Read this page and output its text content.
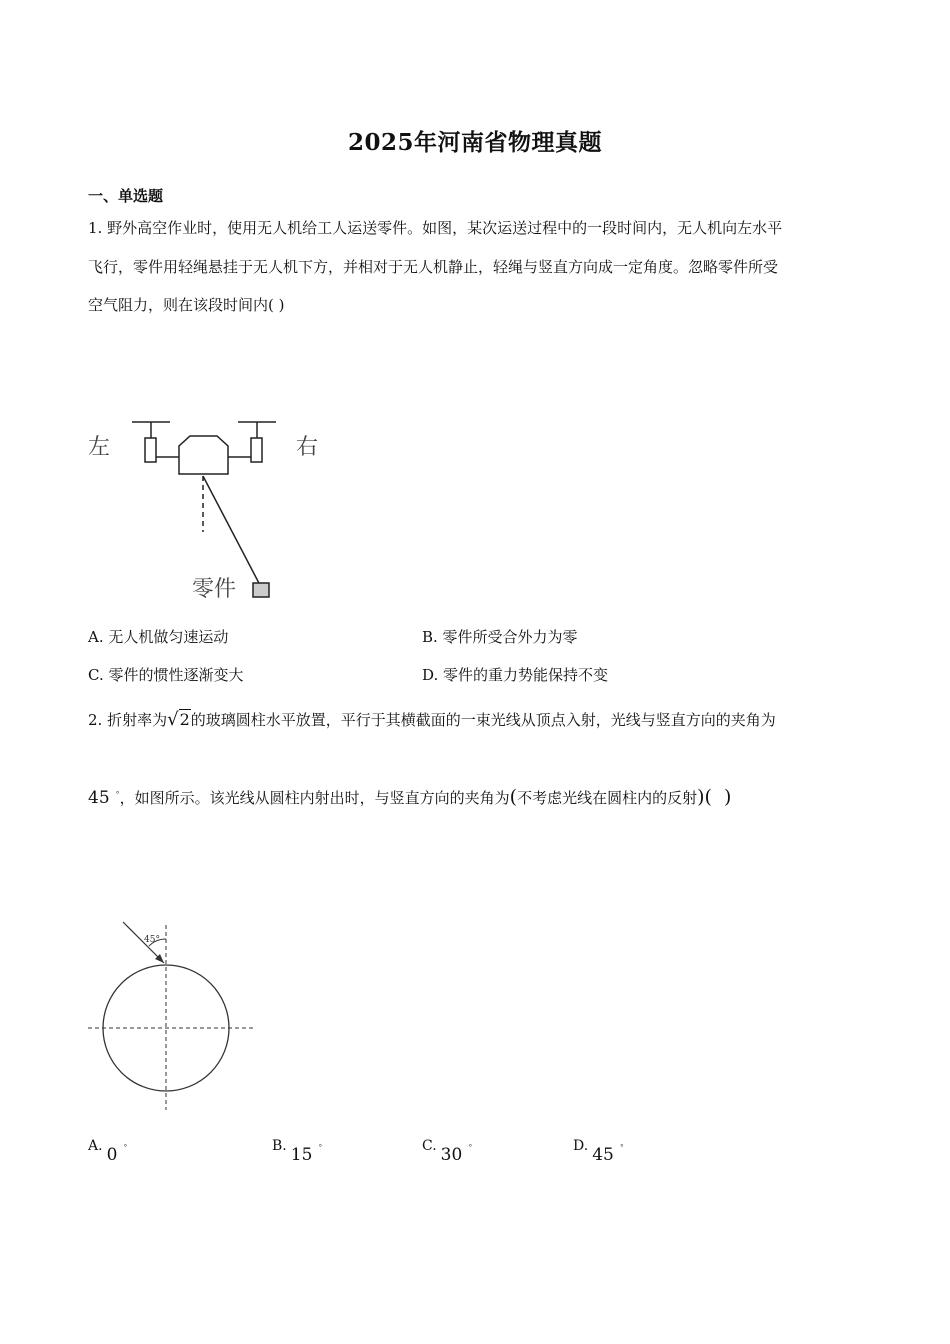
2025年河南省物理真题
一、单选题
1. 野外高空作业时，使用无人机给工人运送零件。如图，某次运送过程中的一段时间内，无人机向左水平
飞行，零件用轻绳悬挂于无人机下方，并相对于无人机静止，轻绳与竖直方向成一定角度。忽略零件所受
空气阻力，则在该段时间内( )
左	右
零件
A. 无人机做匀速运动	B. 零件所受合外力为零
C. 零件的惯性逐渐变大	D. 零件的重力势能保持不变
2. 折射率为√2的玻璃圆柱水平放置，平行于其横截面的一束光线从顶点入射，光线与竖直方向的夹角为
45 °，如图所示。该光线从圆柱内射出时，与竖直方向的夹角为(不考虑光线在圆柱内的反射)( )
45°
A. 0 °	B. 15 °	C. 30 °	D. 45 °
